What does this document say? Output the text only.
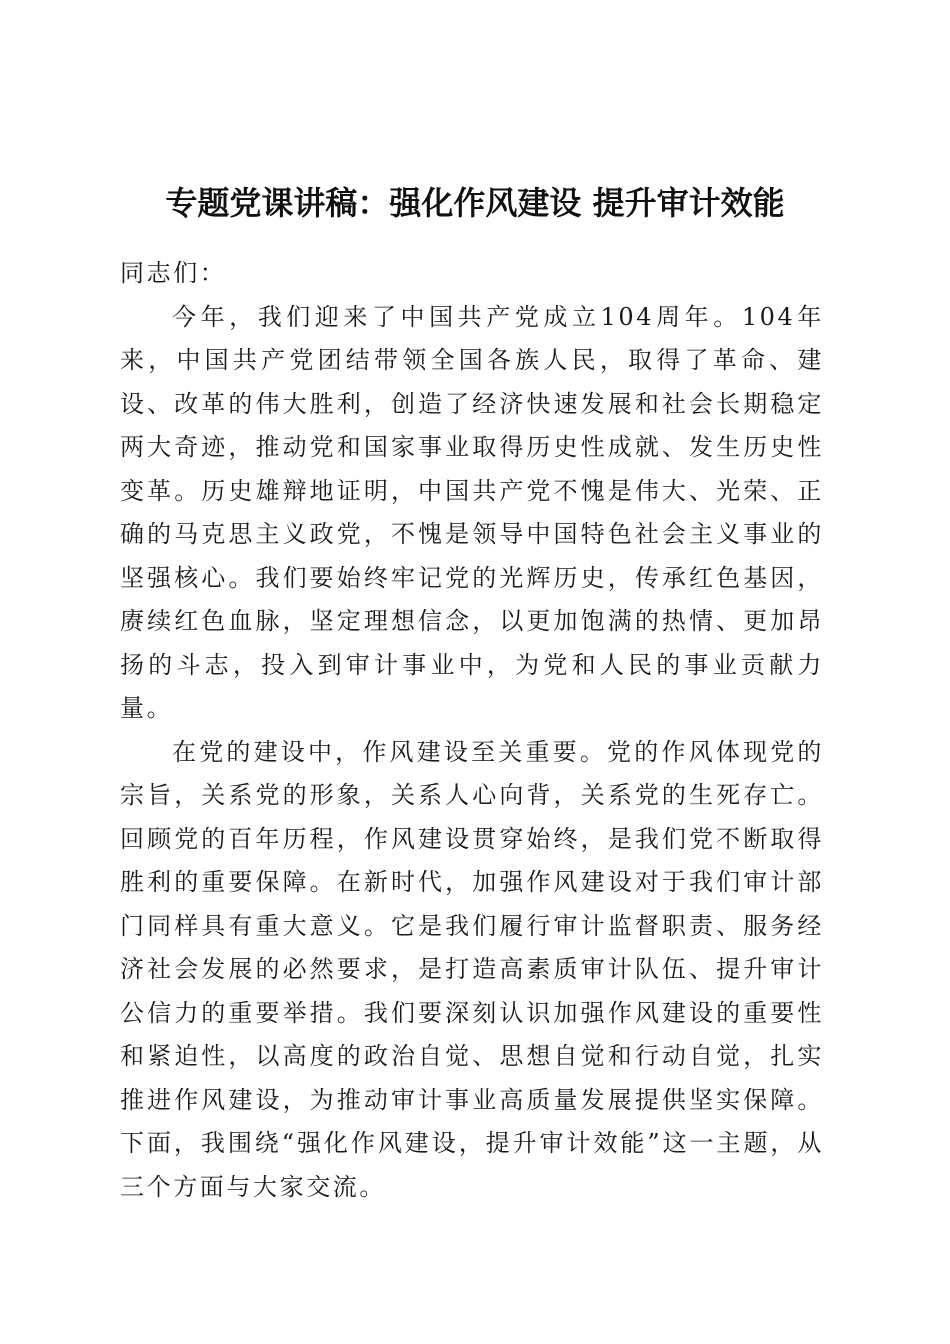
专题党课讲稿：强化作风建设 提升审计效能

同志们：

今年，我们迎来了中国共产党成立104周年。104年来，中国共产党团结带领全国各族人民，取得了革命、建设、改革的伟大胜利，创造了经济快速发展和社会长期稳定两大奇迹，推动党和国家事业取得历史性成就、发生历史性变革。历史雄辩地证明，中国共产党不愧是伟大、光荣、正确的马克思主义政党，不愧是领导中国特色社会主义事业的坚强核心。我们要始终牢记党的光辉历史，传承红色基因，赓续红色血脉，坚定理想信念，以更加饱满的热情、更加昂扬的斗志，投入到审计事业中，为党和人民的事业贡献力量。

在党的建设中，作风建设至关重要。党的作风体现党的宗旨，关系党的形象，关系人心向背，关系党的生死存亡。回顾党的百年历程，作风建设贯穿始终，是我们党不断取得胜利的重要保障。在新时代，加强作风建设对于我们审计部门同样具有重大意义。它是我们履行审计监督职责、服务经济社会发展的必然要求，是打造高素质审计队伍、提升审计公信力的重要举措。我们要深刻认识加强作风建设的重要性和紧迫性，以高度的政治自觉、思想自觉和行动自觉，扎实推进作风建设，为推动审计事业高质量发展提供坚实保障。下面，我围绕“强化作风建设，提升审计效能”这一主题，从三个方面与大家交流。
